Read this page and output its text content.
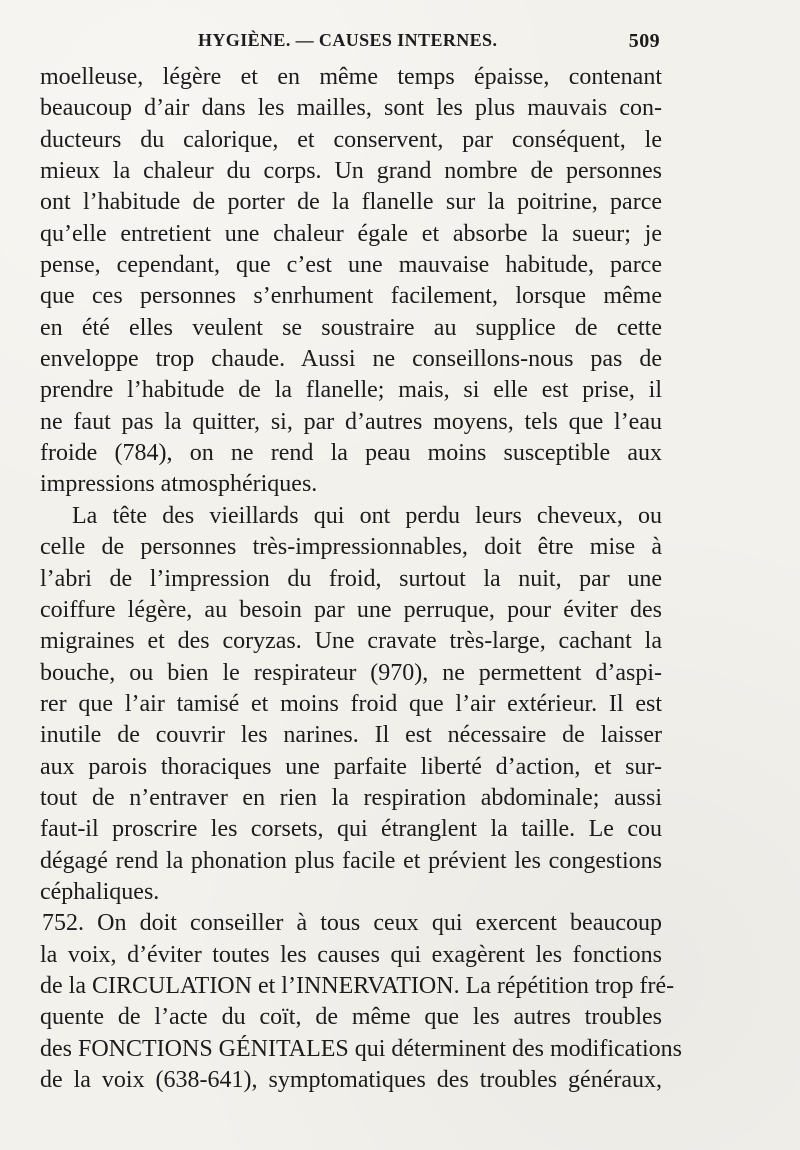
HYGIÈNE. — CAUSES INTERNES.	509
moelleuse, légère et en même temps épaisse, contenant
beaucoup d’air dans les mailles, sont les plus mauvais con-
ducteurs du calorique, et conservent, par conséquent, le
mieux la chaleur du corps. Un grand nombre de personnes
ont l’habitude de porter de la flanelle sur la poitrine, parce
qu’elle entretient une chaleur égale et absorbe la sueur; je
pense, cependant, que c’est une mauvaise habitude, parce
que ces personnes s’enrhument facilement, lorsque même
en été elles veulent se soustraire au supplice de cette
enveloppe trop chaude. Aussi ne conseillons-nous pas de
prendre l’habitude de la flanelle; mais, si elle est prise, il
ne faut pas la quitter, si, par d’autres moyens, tels que l’eau
froide (784), on ne rend la peau moins susceptible aux
impressions atmosphériques.
La tête des vieillards qui ont perdu leurs cheveux, ou
celle de personnes très-impressionnables, doit être mise à
l’abri de l’impression du froid, surtout la nuit, par une
coiffure légère, au besoin par une perruque, pour éviter des
migraines et des coryzas. Une cravate très-large, cachant la
bouche, ou bien le respirateur (970), ne permettent d’aspi-
rer que l’air tamisé et moins froid que l’air extérieur. Il est
inutile de couvrir les narines. Il est nécessaire de laisser
aux parois thoraciques une parfaite liberté d’action, et sur-
tout de n’entraver en rien la respiration abdominale; aussi
faut-il proscrire les corsets, qui étranglent la taille. Le cou
dégagé rend la phonation plus facile et prévient les congestions
céphaliques.
752. On doit conseiller à tous ceux qui exercent beaucoup
la voix, d’éviter toutes les causes qui exagèrent les fonctions
de la CIRCULATION et l’INNERVATION. La répétition trop fré-
quente de l’acte du coït, de même que les autres troubles
des FONCTIONS GÉNITALES qui déterminent des modifications
de la voix (638-641), symptomatiques des troubles généraux,
